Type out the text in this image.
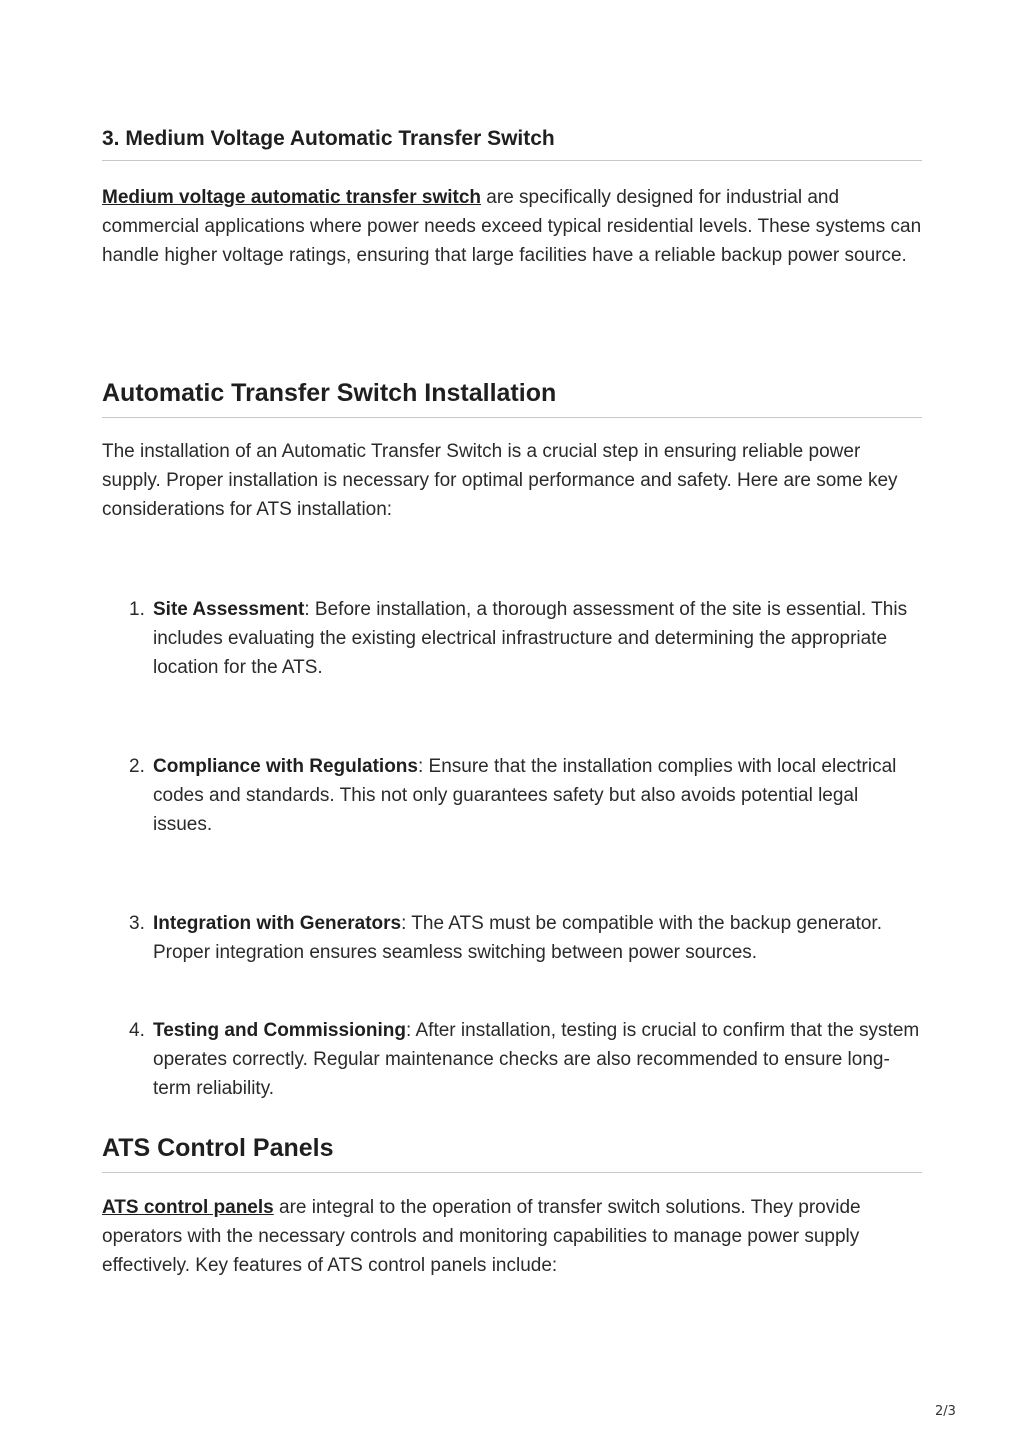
3. Medium Voltage Automatic Transfer Switch

Medium voltage automatic transfer switch are specifically designed for industrial and commercial applications where power needs exceed typical residential levels. These systems can handle higher voltage ratings, ensuring that large facilities have a reliable backup power source.

Automatic Transfer Switch Installation

The installation of an Automatic Transfer Switch is a crucial step in ensuring reliable power supply. Proper installation is necessary for optimal performance and safety. Here are some key considerations for ATS installation:

1. Site Assessment: Before installation, a thorough assessment of the site is essential. This includes evaluating the existing electrical infrastructure and determining the appropriate location for the ATS.
2. Compliance with Regulations: Ensure that the installation complies with local electrical codes and standards. This not only guarantees safety but also avoids potential legal issues.
3. Integration with Generators: The ATS must be compatible with the backup generator. Proper integration ensures seamless switching between power sources.
4. Testing and Commissioning: After installation, testing is crucial to confirm that the system operates correctly. Regular maintenance checks are also recommended to ensure long-term reliability.
ATS Control Panels

ATS control panels are integral to the operation of transfer switch solutions. They provide operators with the necessary controls and monitoring capabilities to manage power supply effectively. Key features of ATS control panels include:

2/3
